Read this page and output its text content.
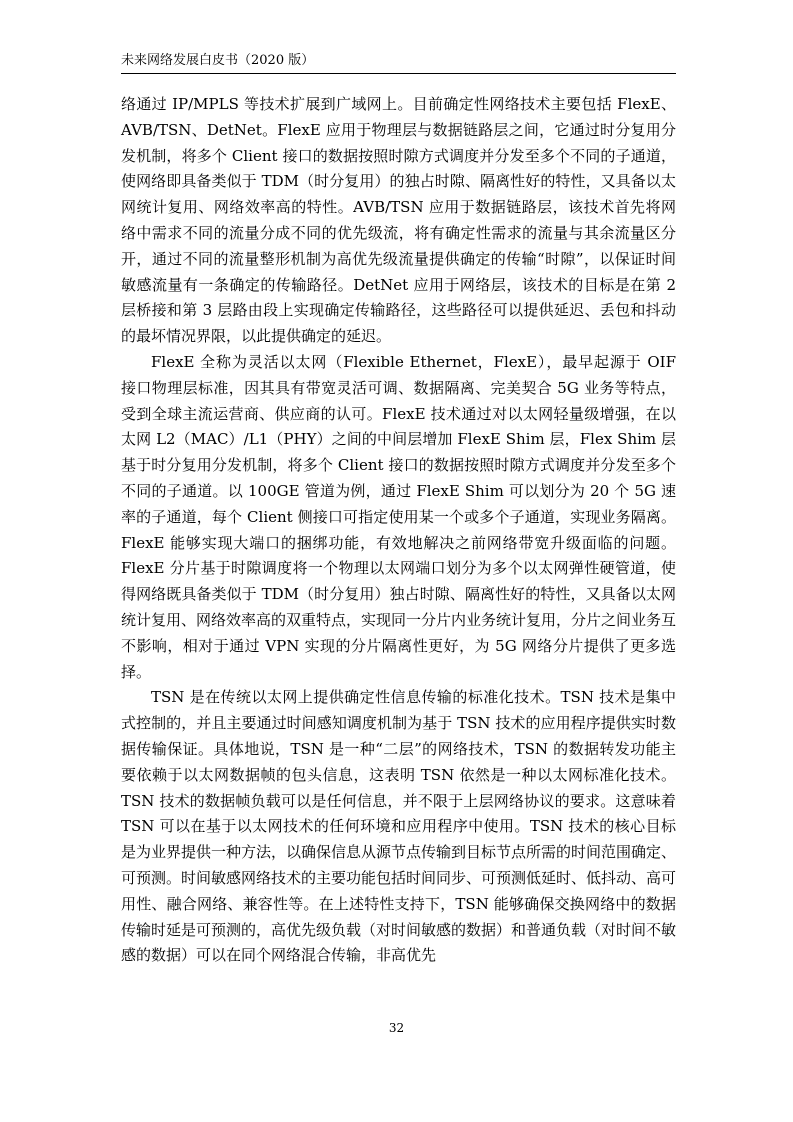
未来网络发展白皮书（2020 版）

络通过 IP/MPLS 等技术扩展到广域网上。目前确定性网络技术主要包括 FlexE、AVB/TSN、DetNet。FlexE 应用于物理层与数据链路层之间，它通过时分复用分发机制，将多个 Client 接口的数据按照时隙方式调度并分发至多个不同的子通道，使网络即具备类似于 TDM（时分复用）的独占时隙、隔离性好的特性，又具备以太网统计复用、网络效率高的特性。AVB/TSN 应用于数据链路层，该技术首先将网络中需求不同的流量分成不同的优先级流，将有确定性需求的流量与其余流量区分开，通过不同的流量整形机制为高优先级流量提供确定的传输“时隙”，以保证时间敏感流量有一条确定的传输路径。DetNet 应用于网络层，该技术的目标是在第 2 层桥接和第 3 层路由段上实现确定传输路径，这些路径可以提供延迟、丢包和抖动的最坏情况界限，以此提供确定的延迟。

FlexE 全称为灵活以太网（Flexible Ethernet，FlexE），最早起源于 OIF 接口物理层标准，因其具有带宽灵活可调、数据隔离、完美契合 5G 业务等特点，受到全球主流运营商、供应商的认可。FlexE 技术通过对以太网轻量级增强，在以太网 L2（MAC）/L1（PHY）之间的中间层增加 FlexE Shim 层，Flex Shim 层基于时分复用分发机制，将多个 Client 接口的数据按照时隙方式调度并分发至多个不同的子通道。以 100GE 管道为例，通过 FlexE Shim 可以划分为 20 个 5G 速率的子通道，每个 Client 侧接口可指定使用某一个或多个子通道，实现业务隔离。FlexE 能够实现大端口的捆绑功能，有效地解决之前网络带宽升级面临的问题。FlexE 分片基于时隙调度将一个物理以太网端口划分为多个以太网弹性硬管道，使得网络既具备类似于 TDM（时分复用）独占时隙、隔离性好的特性，又具备以太网统计复用、网络效率高的双重特点，实现同一分片内业务统计复用，分片之间业务互不影响，相对于通过 VPN 实现的分片隔离性更好，为 5G 网络分片提供了更多选择。

TSN 是在传统以太网上提供确定性信息传输的标准化技术。TSN 技术是集中式控制的，并且主要通过时间感知调度机制为基于 TSN 技术的应用程序提供实时数据传输保证。具体地说，TSN 是一种“二层”的网络技术，TSN 的数据转发功能主要依赖于以太网数据帧的包头信息，这表明 TSN 依然是一种以太网标准化技术。TSN 技术的数据帧负载可以是任何信息，并不限于上层网络协议的要求。这意味着 TSN 可以在基于以太网技术的任何环境和应用程序中使用。TSN 技术的核心目标是为业界提供一种方法，以确保信息从源节点传输到目标节点所需的时间范围确定、可预测。时间敏感网络技术的主要功能包括时间同步、可预测低延时、低抖动、高可用性、融合网络、兼容性等。在上述特性支持下，TSN 能够确保交换网络中的数据传输时延是可预测的，高优先级负载（对时间敏感的数据）和普通负载（对时间不敏感的数据）可以在同个网络混合传输，非高优先

32
